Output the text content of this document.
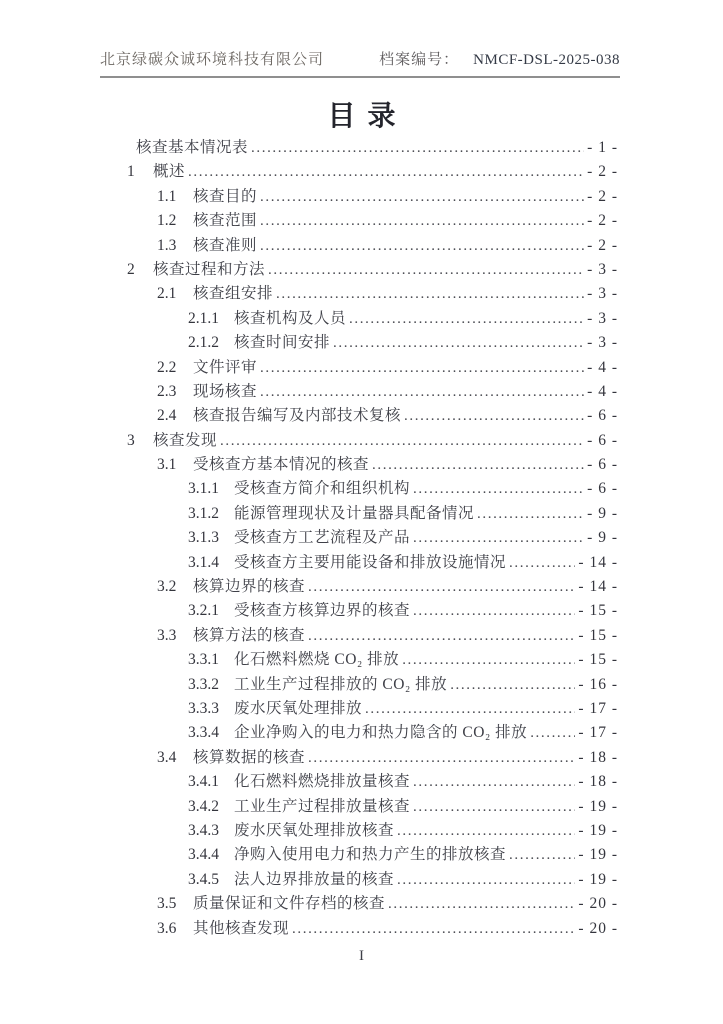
北京绿碳众诚环境科技有限公司	档案编号： NMCF-DSL-2025-038
目录
核查基本情况表 .....	- 1 -
1	概述 .....	- 2 -
1.1	核查目的 .....	- 2 -
1.2	核查范围 .....	- 2 -
1.3	核查准则 .....	- 2 -
2	核查过程和方法 .....	- 3 -
2.1	核查组安排 .....	- 3 -
2.1.1 核查机构及人员 .....	- 3 -
2.1.2 核查时间安排 .....	- 3 -
2.2	文件评审 .....	- 4 -
2.3	现场核查 .....	- 4 -
2.4	核查报告编写及内部技术复核 .....	- 6 -
3	核查发现 .....	- 6 -
3.1	受核查方基本情况的核查 .....	- 6 -
3.1.1 受核查方简介和组织机构 .....	- 6 -
3.1.2 能源管理现状及计量器具配备情况 .....	- 9 -
3.1.3 受核查方工艺流程及产品 .....	- 9 -
3.1.4 受核查方主要用能设备和排放设施情况 .....	- 14 -
3.2	核算边界的核查 .....	- 14 -
3.2.1 受核查方核算边界的核查 .....	- 15 -
3.3	核算方法的核查 .....	- 15 -
3.3.1 化石燃料燃烧 CO₂ 排放 .....	- 15 -
3.3.2 工业生产过程排放的 CO₂ 排放 .....	- 16 -
3.3.3 废水厌氧处理排放 .....	- 17 -
3.3.4 企业净购入的电力和热力隐含的 CO₂ 排放 .....	- 17 -
3.4	核算数据的核查 .....	- 18 -
3.4.1 化石燃料燃烧排放量核查 .....	- 18 -
3.4.2 工业生产过程排放量核查 .....	- 19 -
3.4.3 废水厌氧处理排放核查 .....	- 19 -
3.4.4 净购入使用电力和热力产生的排放核查 .....	- 19 -
3.4.5 法人边界排放量的核查 .....	- 19 -
3.5	质量保证和文件存档的核查 .....	- 20 -
3.6	其他核查发现 .....	- 20 -
I
